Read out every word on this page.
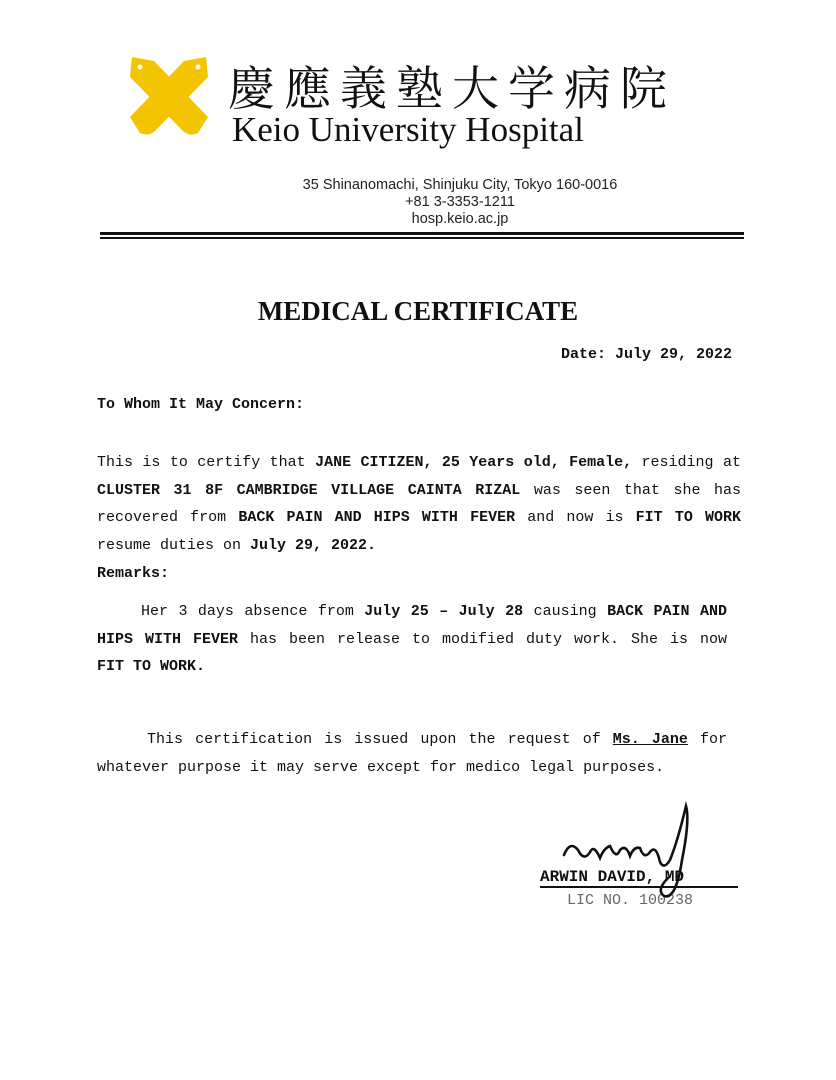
慶應義塾大学病院
Keio University Hospital
35 Shinanomachi, Shinjuku City, Tokyo 160-0016
+81 3-3353-1211
hosp.keio.ac.jp
MEDICAL CERTIFICATE
Date: July 29, 2022
To Whom It May Concern:
This is to certify that JANE CITIZEN, 25 Years old, Female, residing at CLUSTER 31 8F CAMBRIDGE VILLAGE CAINTA RIZAL was seen that she has recovered from BACK PAIN AND HIPS WITH FEVER and now is FIT TO WORK resume duties on July 29, 2022.
Remarks:
Her 3 days absence from July 25 – July 28 causing BACK PAIN AND HIPS WITH FEVER has been release to modified duty work. She is now FIT TO WORK.
This certification is issued upon the request of Ms. Jane for whatever purpose it may serve except for medico legal purposes.
ARWIN DAVID, MD
LIC NO. 100238
